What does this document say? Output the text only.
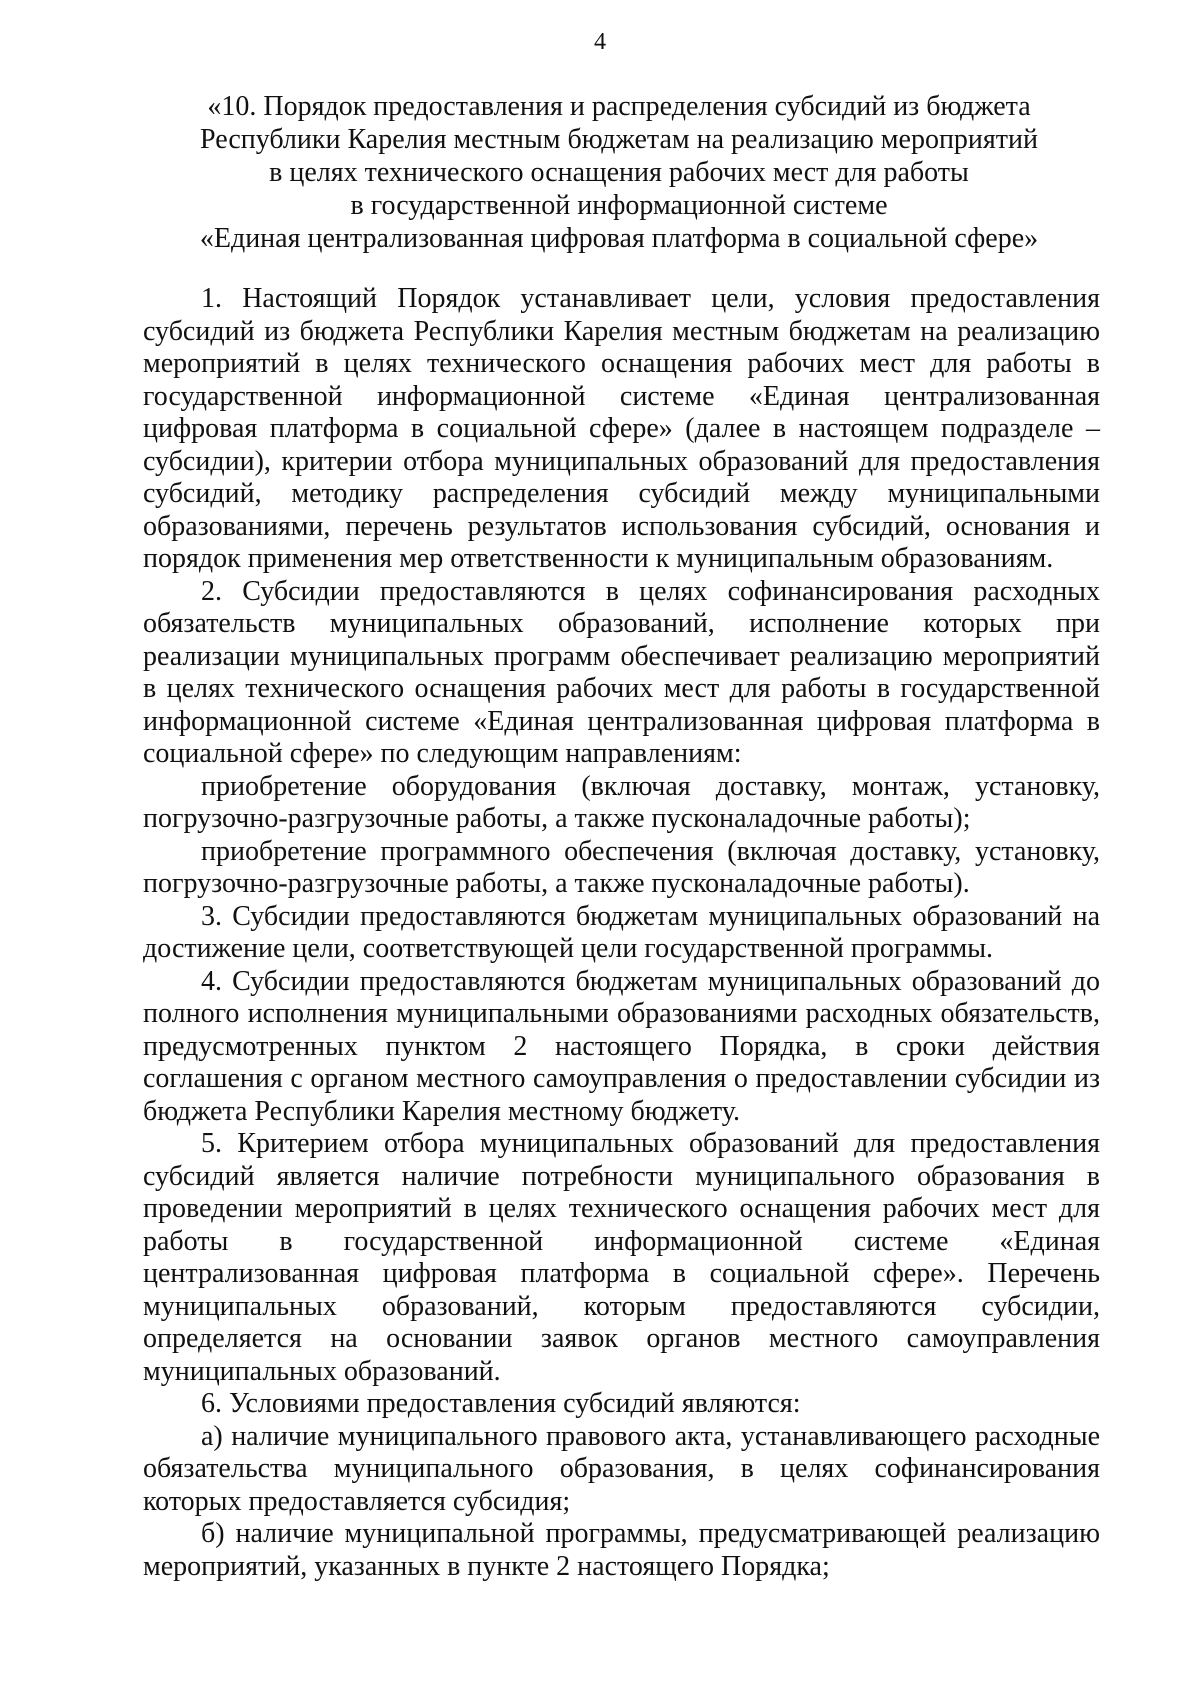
4
«10. Порядок предоставления и распределения субсидий из бюджета
Республики Карелия местным бюджетам на реализацию мероприятий
в целях технического оснащения рабочих мест для работы
в государственной информационной системе
«Единая централизованная цифровая платформа в социальной сфере»

1. Настоящий Порядок устанавливает цели, условия предоставления субсидий из бюджета Республики Карелия местным бюджетам на реализацию мероприятий в целях технического оснащения рабочих мест для работы в государственной информационной системе «Единая централизованная цифровая платформа в социальной сфере» (далее в настоящем подразделе – субсидии), критерии отбора муниципальных образований для предоставления субсидий, методику распределения субсидий между муниципальными образованиями, перечень результатов использования субсидий, основания и порядок применения мер ответственности к муниципальным образованиям.

2. Субсидии предоставляются в целях софинансирования расходных обязательств муниципальных образований, исполнение которых при реализации муниципальных программ обеспечивает реализацию мероприятий в целях технического оснащения рабочих мест для работы в государственной информационной системе «Единая централизованная цифровая платформа в социальной сфере» по следующим направлениям:

приобретение оборудования (включая доставку, монтаж, установку, погрузочно-разгрузочные работы, а также пусконаладочные работы);

приобретение программного обеспечения (включая доставку, установку, погрузочно-разгрузочные работы, а также пусконаладочные работы).

3. Субсидии предоставляются бюджетам муниципальных образований на достижение цели, соответствующей цели государственной программы.

4. Субсидии предоставляются бюджетам муниципальных образований до полного исполнения муниципальными образованиями расходных обязательств, предусмотренных пунктом 2 настоящего Порядка, в сроки действия соглашения с органом местного самоуправления о предоставлении субсидии из бюджета Республики Карелия местному бюджету.

5. Критерием отбора муниципальных образований для предоставления субсидий является наличие потребности муниципального образования в проведении мероприятий в целях технического оснащения рабочих мест для работы в государственной информационной системе «Единая централизованная цифровая платформа в социальной сфере». Перечень муниципальных образований, которым предоставляются субсидии, определяется на основании заявок органов местного самоуправления муниципальных образований.

6. Условиями предоставления субсидий являются:

а) наличие муниципального правового акта, устанавливающего расходные обязательства муниципального образования, в целях софинансирования которых предоставляется субсидия;

б) наличие муниципальной программы, предусматривающей реализацию мероприятий, указанных в пункте 2 настоящего Порядка;
